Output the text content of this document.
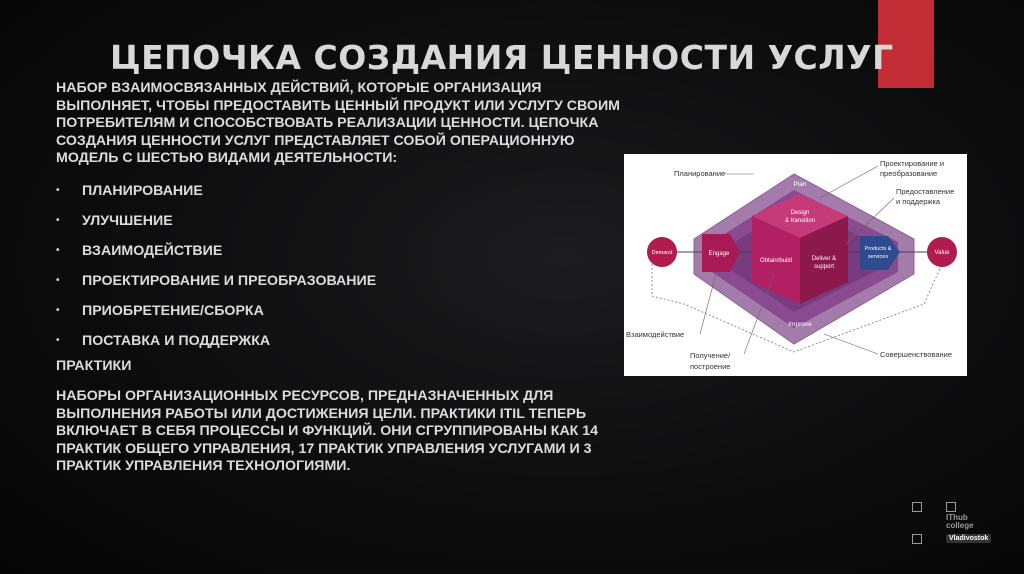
ЦЕПОЧКА СОЗДАНИЯ ЦЕННОСТИ УСЛУГ

НАБОР ВЗАИМОСВЯЗАННЫХ ДЕЙСТВИЙ, КОТОРЫЕ ОРГАНИЗАЦИЯ ВЫПОЛНЯЕТ, ЧТОБЫ ПРЕДОСТАВИТЬ ЦЕННЫЙ ПРОДУКТ ИЛИ УСЛУГУ СВОИМ ПОТРЕБИТЕЛЯМ И СПОСОБСТВОВАТЬ РЕАЛИЗАЦИИ ЦЕННОСТИ. ЦЕПОЧКА СОЗДАНИЯ ЦЕННОСТИ УСЛУГ ПРЕДСТАВЛЯЕТ СОБОЙ ОПЕРАЦИОННУЮ МОДЕЛЬ С ШЕСТЬЮ ВИДАМИ ДЕЯТЕЛЬНОСТИ:

• ПЛАНИРОВАНИЕ
• УЛУЧШЕНИЕ
• ВЗАИМОДЕЙСТВИЕ
• ПРОЕКТИРОВАНИЕ И ПРЕОБРАЗОВАНИЕ
• ПРИОБРЕТЕНИЕ/СБОРКА
• ПОСТАВКА И ПОДДЕРЖКА

ПРАКТИКИ

НАБОРЫ ОРГАНИЗАЦИОННЫХ РЕСУРСОВ, ПРЕДНАЗНАЧЕННЫХ ДЛЯ ВЫПОЛНЕНИЯ РАБОТЫ ИЛИ ДОСТИЖЕНИЯ ЦЕЛИ. ПРАКТИКИ ITIL ТЕПЕРЬ ВКЛЮЧАЕТ В СЕБЯ ПРОЦЕССЫ И ФУНКЦИЙ. ОНИ СГРУППИРОВАНЫ КАК 14 ПРАКТИК ОБЩЕГО УПРАВЛЕНИЯ, 17 ПРАКТИК УПРАВЛЕНИЯ УСЛУГАМИ И 3 ПРАКТИК УПРАВЛЕНИЯ ТЕХНОЛОГИЯМИ.

Plan
Improve
Design
& transition
Obtain/build	Deliver &
support
Engage
Demand	Value
Products &
services
Планирование
Проектирование и
преобразование
Предоставление
и поддержка
Взаимодействие
Получение/
построение
Совершенствование
IThub
college
Vladivostok
